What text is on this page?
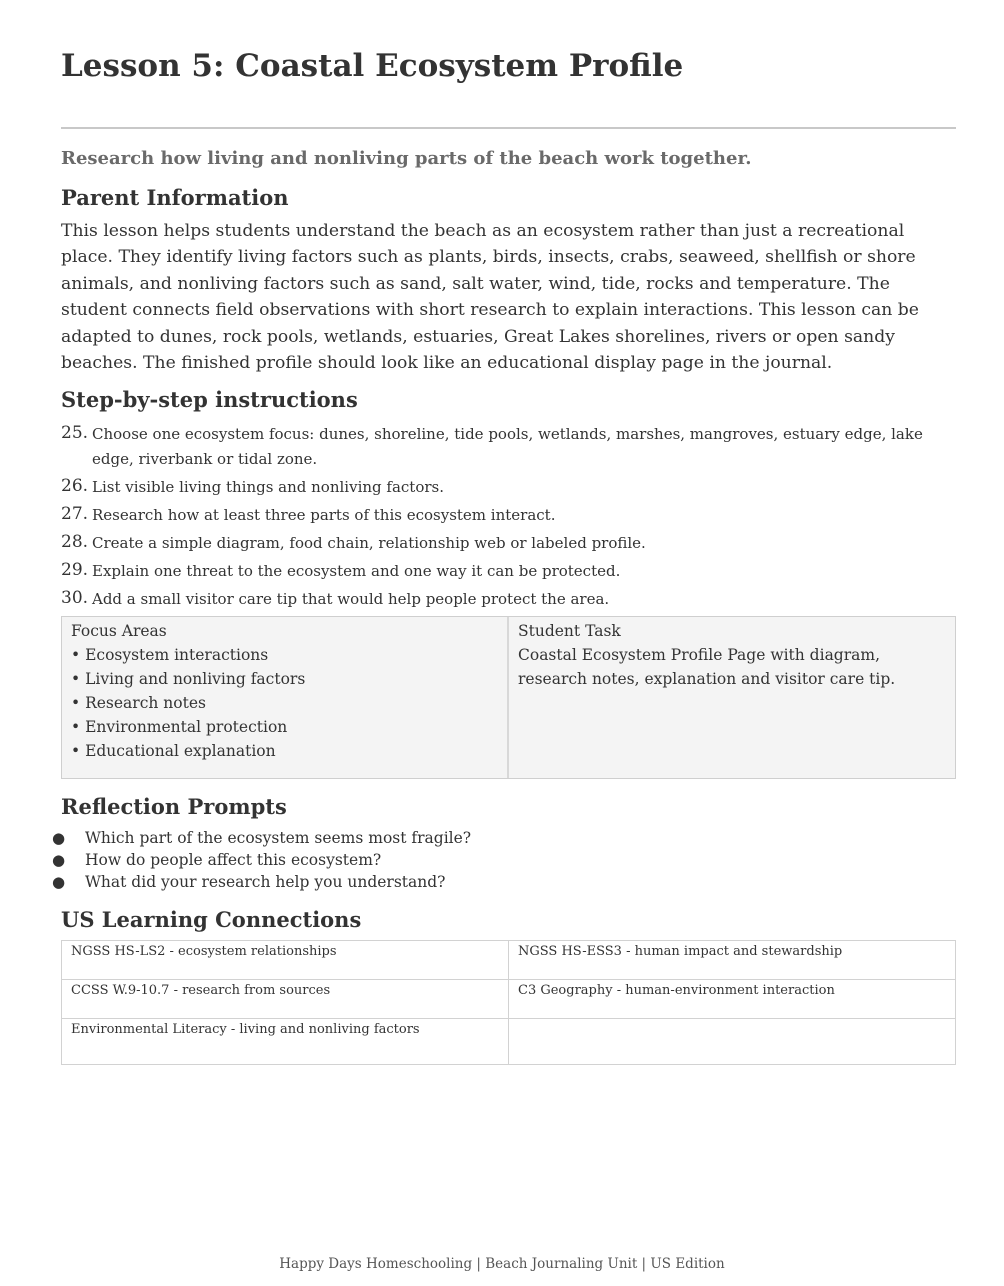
Lesson 5: Coastal Ecosystem Profile

Research how living and nonliving parts of the beach work together.

Parent Information

This lesson helps students understand the beach as an ecosystem rather than just a recreational place. They identify living factors such as plants, birds, insects, crabs, seaweed, shellfish or shore animals, and nonliving factors such as sand, salt water, wind, tide, rocks and temperature. The student connects field observations with short research to explain interactions. This lesson can be adapted to dunes, rock pools, wetlands, estuaries, Great Lakes shorelines, rivers or open sandy beaches. The finished profile should look like an educational display page in the journal.

Step-by-step instructions
25. Choose one ecosystem focus: dunes, shoreline, tide pools, wetlands, marshes, mangroves, estuary edge, lake edge, riverbank or tidal zone.
26. List visible living things and nonliving factors.
27. Research how at least three parts of this ecosystem interact.
28. Create a simple diagram, food chain, relationship web or labeled profile.
29. Explain one threat to the ecosystem and one way it can be protected.
30. Add a small visitor care tip that would help people protect the area.
Focus Areas
• Ecosystem interactions
• Living and nonliving factors
• Research notes
• Environmental protection
• Educational explanation
Student Task
Coastal Ecosystem Profile Page with diagram, research notes, explanation and visitor care tip.
Reflection Prompts
● Which part of the ecosystem seems most fragile?
● How do people affect this ecosystem?
● What did your research help you understand?
US Learning Connections
NGSS HS-LS2 - ecosystem relationships	NGSS HS-ESS3 - human impact and stewardship
CCSS W.9-10.7 - research from sources	C3 Geography - human-environment interaction
Environmental Literacy - living and nonliving factors	
Happy Days Homeschooling | Beach Journaling Unit | US Edition
